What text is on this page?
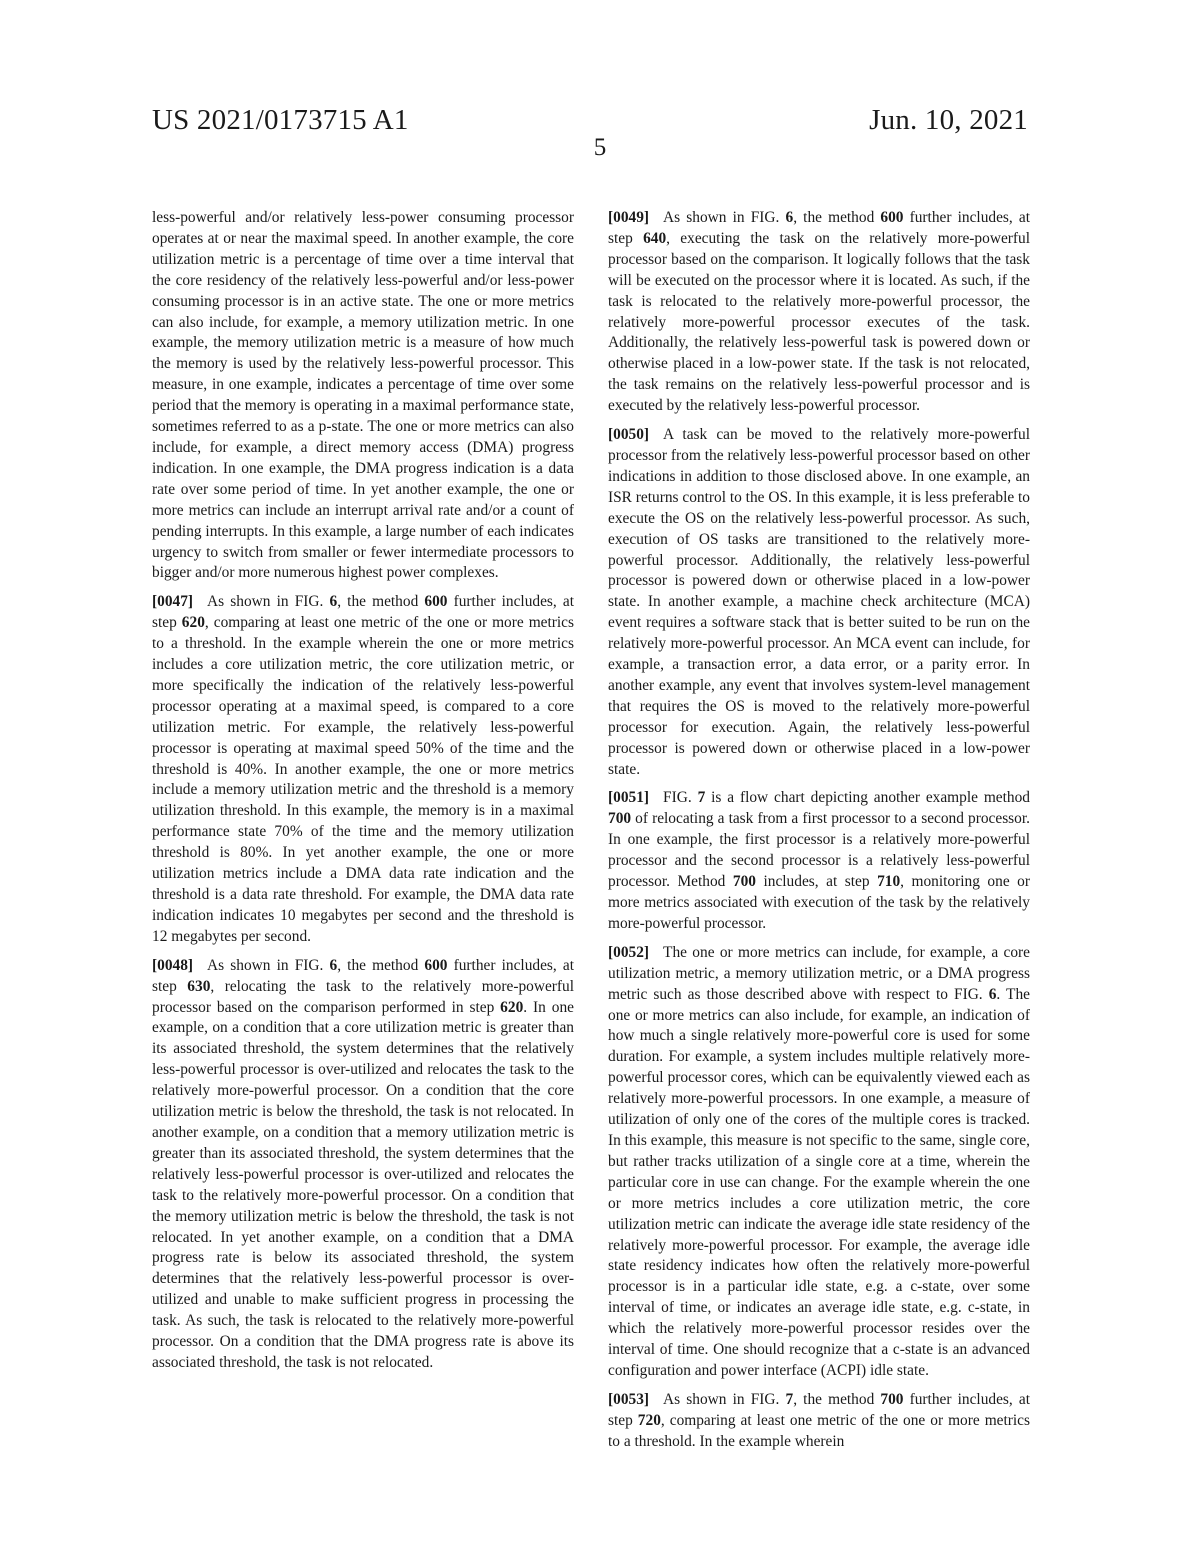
US 2021/0173715 A1	Jun. 10, 2021
5

less-powerful and/or relatively less-power consuming processor operates at or near the maximal speed. In another example, the core utilization metric is a percentage of time over a time interval that the core residency of the relatively less-powerful and/or less-power consuming processor is in an active state. The one or more metrics can also include, for example, a memory utilization metric. In one example, the memory utilization metric is a measure of how much the memory is used by the relatively less-powerful processor. This measure, in one example, indicates a percentage of time over some period that the memory is operating in a maximal performance state, sometimes referred to as a p-state. The one or more metrics can also include, for example, a direct memory access (DMA) progress indication. In one example, the DMA progress indication is a data rate over some period of time. In yet another example, the one or more metrics can include an interrupt arrival rate and/or a count of pending interrupts. In this example, a large number of each indicates urgency to switch from smaller or fewer intermediate processors to bigger and/or more numerous highest power complexes.

[0047] As shown in FIG. 6, the method 600 further includes, at step 620, comparing at least one metric of the one or more metrics to a threshold. In the example wherein the one or more metrics includes a core utilization metric, the core utilization metric, or more specifically the indication of the relatively less-powerful processor operating at a maximal speed, is compared to a core utilization metric. For example, the relatively less-powerful processor is operating at maximal speed 50% of the time and the threshold is 40%. In another example, the one or more metrics include a memory utilization metric and the threshold is a memory utilization threshold. In this example, the memory is in a maximal performance state 70% of the time and the memory utilization threshold is 80%. In yet another example, the one or more utilization metrics include a DMA data rate indication and the threshold is a data rate threshold. For example, the DMA data rate indication indicates 10 megabytes per second and the threshold is 12 megabytes per second.

[0048] As shown in FIG. 6, the method 600 further includes, at step 630, relocating the task to the relatively more-powerful processor based on the comparison performed in step 620. In one example, on a condition that a core utilization metric is greater than its associated threshold, the system determines that the relatively less-powerful processor is over-utilized and relocates the task to the relatively more-powerful processor. On a condition that the core utilization metric is below the threshold, the task is not relocated. In another example, on a condition that a memory utilization metric is greater than its associated threshold, the system determines that the relatively less-powerful processor is over-utilized and relocates the task to the relatively more-powerful processor. On a condition that the memory utilization metric is below the threshold, the task is not relocated. In yet another example, on a condition that a DMA progress rate is below its associated threshold, the system determines that the relatively less-powerful processor is over-utilized and unable to make sufficient progress in processing the task. As such, the task is relocated to the relatively more-powerful processor. On a condition that the DMA progress rate is above its associated threshold, the task is not relocated.

[0049] As shown in FIG. 6, the method 600 further includes, at step 640, executing the task on the relatively more-powerful processor based on the comparison. It logically follows that the task will be executed on the processor where it is located. As such, if the task is relocated to the relatively more-powerful processor, the relatively more-powerful processor executes of the task. Additionally, the relatively less-powerful task is powered down or otherwise placed in a low-power state. If the task is not relocated, the task remains on the relatively less-powerful processor and is executed by the relatively less-powerful processor.

[0050] A task can be moved to the relatively more-powerful processor from the relatively less-powerful processor based on other indications in addition to those disclosed above. In one example, an ISR returns control to the OS. In this example, it is less preferable to execute the OS on the relatively less-powerful processor. As such, execution of OS tasks are transitioned to the relatively more-powerful processor. Additionally, the relatively less-powerful processor is powered down or otherwise placed in a low-power state. In another example, a machine check architecture (MCA) event requires a software stack that is better suited to be run on the relatively more-powerful processor. An MCA event can include, for example, a transaction error, a data error, or a parity error. In another example, any event that involves system-level management that requires the OS is moved to the relatively more-powerful processor for execution. Again, the relatively less-powerful processor is powered down or otherwise placed in a low-power state.

[0051] FIG. 7 is a flow chart depicting another example method 700 of relocating a task from a first processor to a second processor. In one example, the first processor is a relatively more-powerful processor and the second processor is a relatively less-powerful processor. Method 700 includes, at step 710, monitoring one or more metrics associated with execution of the task by the relatively more-powerful processor.

[0052] The one or more metrics can include, for example, a core utilization metric, a memory utilization metric, or a DMA progress metric such as those described above with respect to FIG. 6. The one or more metrics can also include, for example, an indication of how much a single relatively more-powerful core is used for some duration. For example, a system includes multiple relatively more-powerful processor cores, which can be equivalently viewed each as relatively more-powerful processors. In one example, a measure of utilization of only one of the cores of the multiple cores is tracked. In this example, this measure is not specific to the same, single core, but rather tracks utilization of a single core at a time, wherein the particular core in use can change. For the example wherein the one or more metrics includes a core utilization metric, the core utilization metric can indicate the average idle state residency of the relatively more-powerful processor. For example, the average idle state residency indicates how often the relatively more-powerful processor is in a particular idle state, e.g. a c-state, over some interval of time, or indicates an average idle state, e.g. c-state, in which the relatively more-powerful processor resides over the interval of time. One should recognize that a c-state is an advanced configuration and power interface (ACPI) idle state.

[0053] As shown in FIG. 7, the method 700 further includes, at step 720, comparing at least one metric of the one or more metrics to a threshold. In the example wherein
